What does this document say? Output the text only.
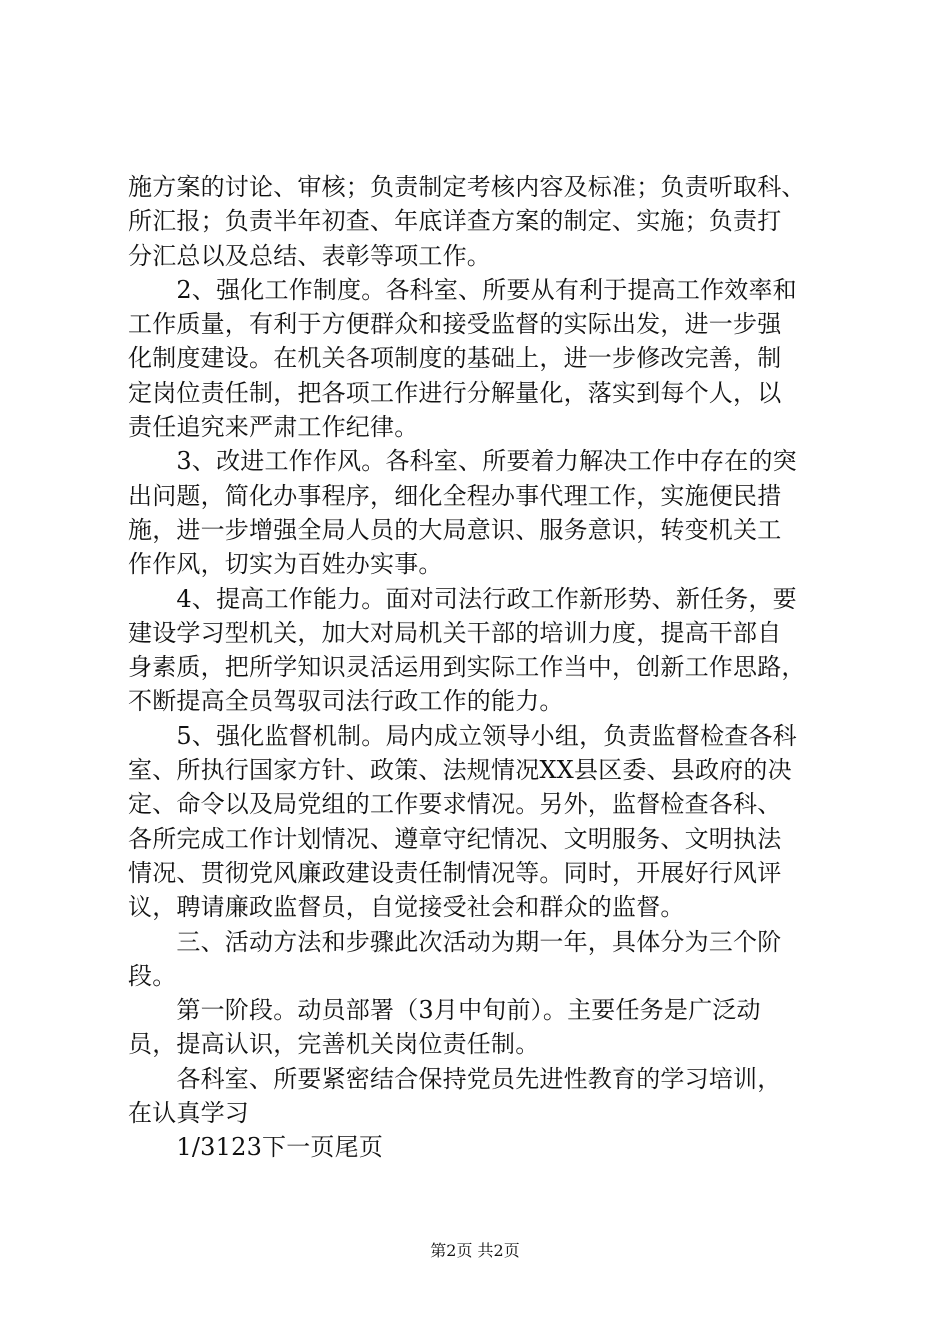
施方案的讨论、审核；负责制定考核内容及标准；负责听取科、
所汇报；负责半年初查、年底详查方案的制定、实施；负责打
分汇总以及总结、表彰等项工作。
　　2、强化工作制度。各科室、所要从有利于提高工作效率和
工作质量，有利于方便群众和接受监督的实际出发，进一步强
化制度建设。在机关各项制度的基础上，进一步修改完善，制
定岗位责任制，把各项工作进行分解量化，落实到每个人，以
责任追究来严肃工作纪律。
　　3、改进工作作风。各科室、所要着力解决工作中存在的突
出问题，简化办事程序，细化全程办事代理工作，实施便民措
施，进一步增强全局人员的大局意识、服务意识，转变机关工
作作风，切实为百姓办实事。
　　4、提高工作能力。面对司法行政工作新形势、新任务，要
建设学习型机关，加大对局机关干部的培训力度，提高干部自
身素质，把所学知识灵活运用到实际工作当中，创新工作思路，
不断提高全员驾驭司法行政工作的能力。
　　5、强化监督机制。局内成立领导小组，负责监督检查各科
室、所执行国家方针、政策、法规情况XX县区委、县政府的决
定、命令以及局党组的工作要求情况。另外，监督检查各科、
各所完成工作计划情况、遵章守纪情况、文明服务、文明执法
情况、贯彻党风廉政建设责任制情况等。同时，开展好行风评
议，聘请廉政监督员，自觉接受社会和群众的监督。
　　三、活动方法和步骤此次活动为期一年，具体分为三个阶
段。
　　第一阶段。动员部署（3月中旬前）。主要任务是广泛动
员，提高认识，完善机关岗位责任制。
　　各科室、所要紧密结合保持党员先进性教育的学习培训，
在认真学习
　　1/3123下一页尾页
第2页 共2页
